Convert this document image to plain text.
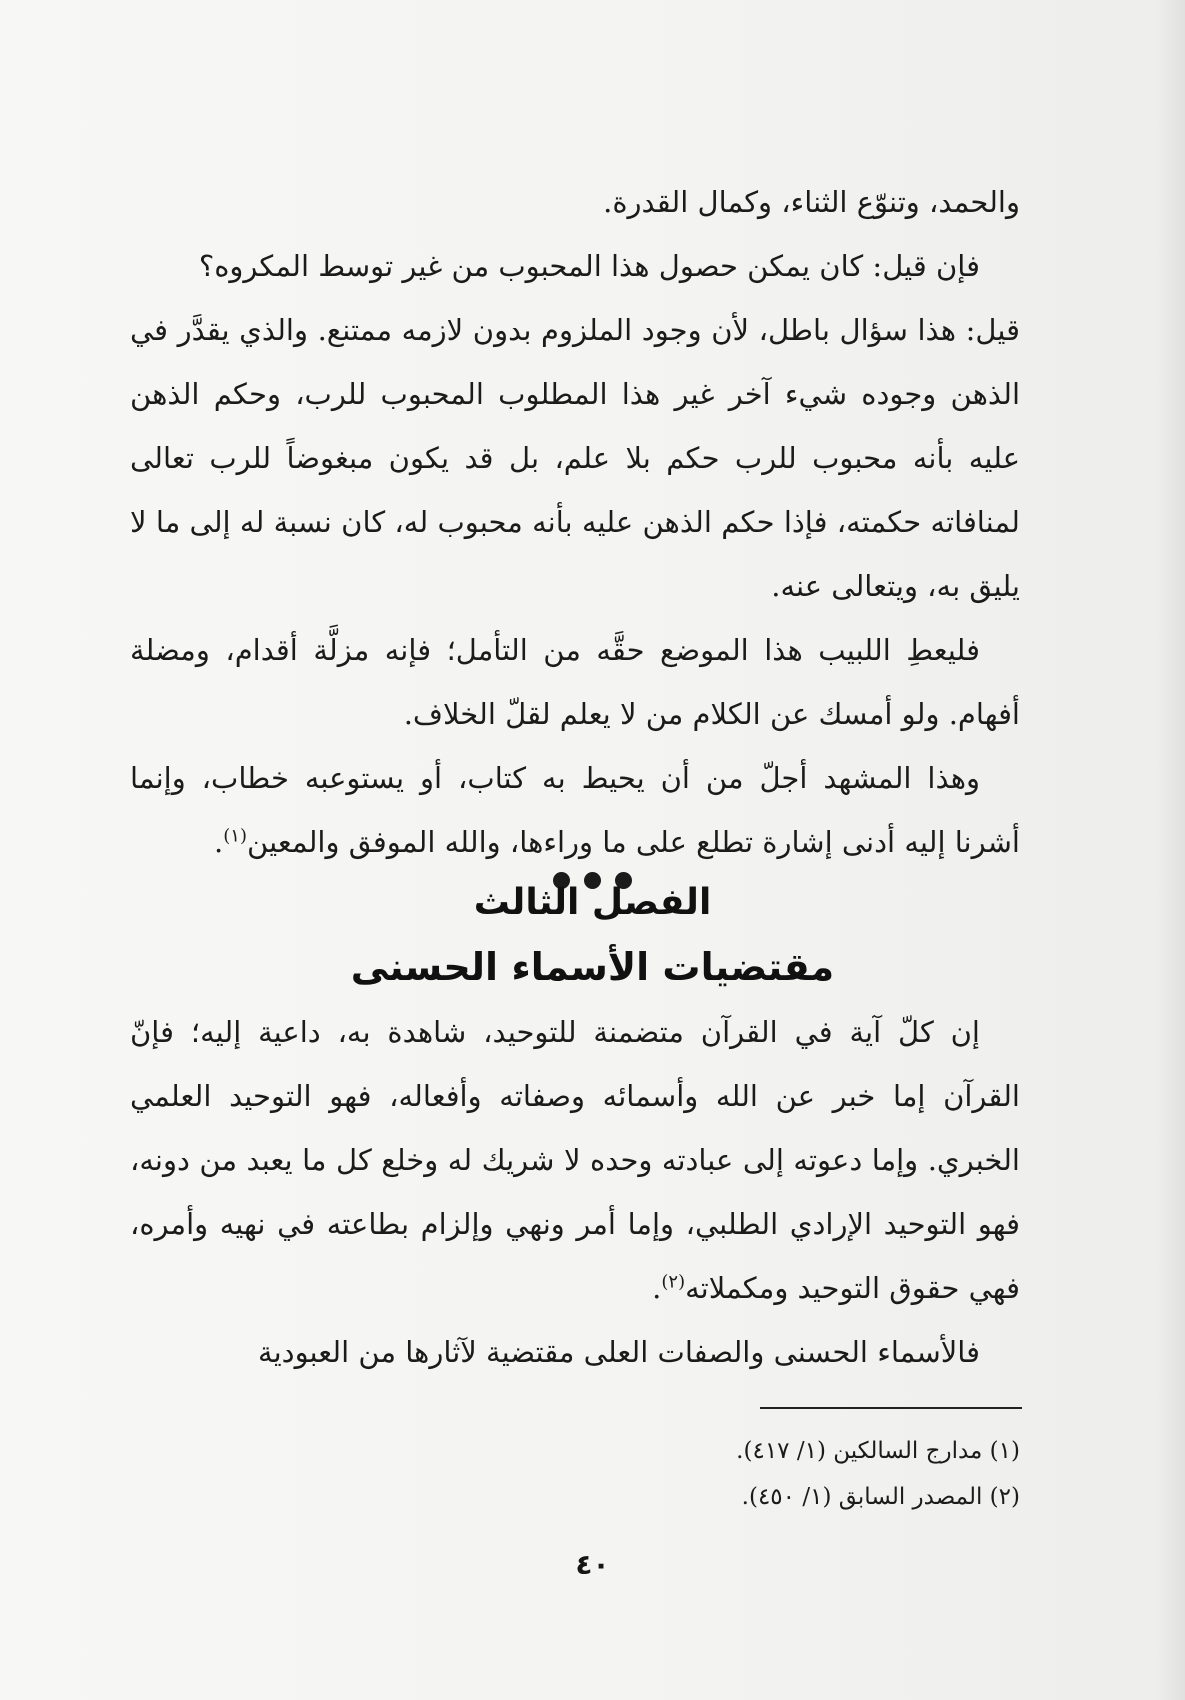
والحمد، وتنوّع الثناء، وكمال القدرة.

فإن قيل: كان يمكن حصول هذا المحبوب من غير توسط المكروه؟

قيل: هذا سؤال باطل، لأن وجود الملزوم بدون لازمه ممتنع. والذي يقدَّر في الذهن وجوده شيء آخر غير هذا المطلوب المحبوب للرب، وحكم الذهن عليه بأنه محبوب للرب حكم بلا علم، بل قد يكون مبغوضاً للرب تعالى لمنافاته حكمته، فإذا حكم الذهن عليه بأنه محبوب له، كان نسبة له إلى ما لا يليق به، ويتعالى عنه.

فليعطِ اللبيب هذا الموضع حقَّه من التأمل؛ فإنه مزلَّة أقدام، ومضلة أفهام. ولو أمسك عن الكلام من لا يعلم لقلّ الخلاف.

وهذا المشهد أجلّ من أن يحيط به كتاب، أو يستوعبه خطاب، وإنما أشرنا إليه أدنى إشارة تطلع على ما وراءها، والله الموفق والمعين$^{(١)}$.

الفصل الثالث
مقتضيات الأسماء الحسنى

إن كلّ آية في القرآن متضمنة للتوحيد، شاهدة به، داعية إليه؛ فإنّ القرآن إما خبر عن الله وأسمائه وصفاته وأفعاله، فهو التوحيد العلمي الخبري. وإما دعوته إلى عبادته وحده لا شريك له وخلع كل ما يعبد من دونه، فهو التوحيد الإرادي الطلبي، وإما أمر ونهي وإلزام بطاعته في نهيه وأمره، فهي حقوق التوحيد ومكملاته$^{(٢)}$.

فالأسماء الحسنى والصفات العلى مقتضية لآثارها من العبودية

(١) مدارج السالكين (١/ ٤١٧).

(٢) المصدر السابق (١/ ٤٥٠).

٤٠
